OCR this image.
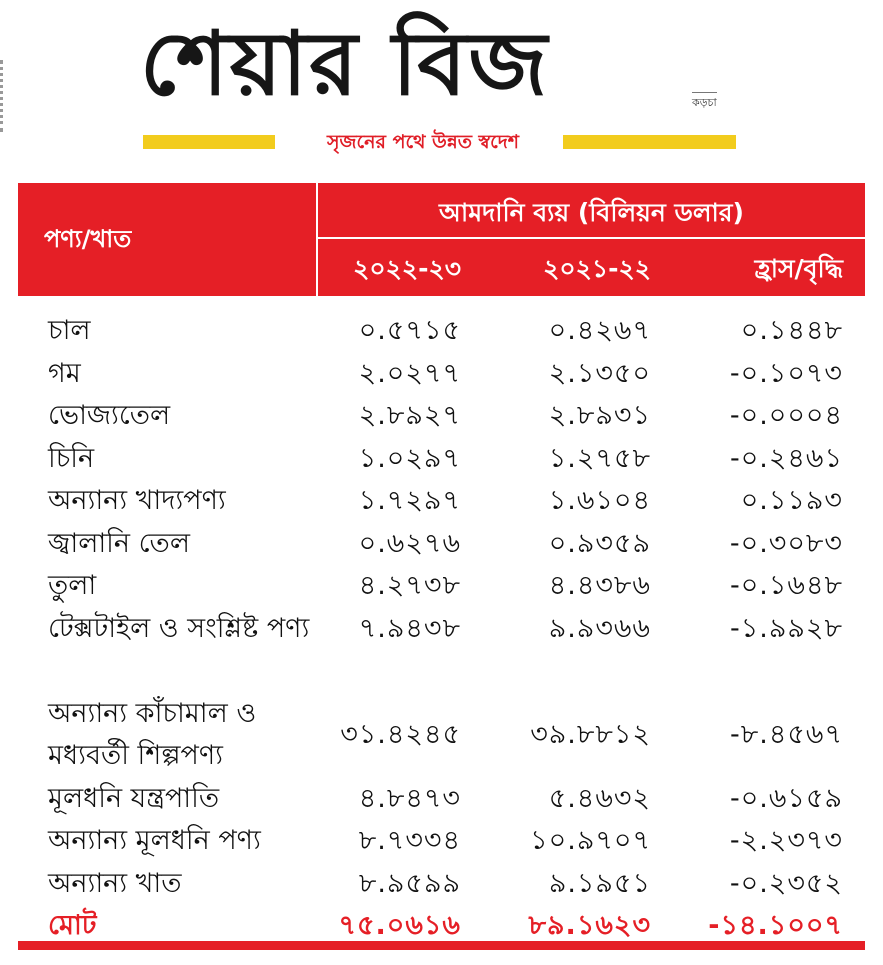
শেয়ার বিজ	কড়চা
সৃজনের পথে উন্নত স্বদেশ
পণ্য/খাত
আমদানি ব্যয় (বিলিয়ন ডলার)
২০২২-২৩	২০২১-২২	হ্রাস/বৃদ্ধি
চাল	০.৫৭১৫	০.৪২৬৭	০.১৪৪৮
গম	২.০২৭৭	২.১৩৫০	-০.১০৭৩
ভোজ্যতেল	২.৮৯২৭	২.৮৯৩১	-০.০০০৪
চিনি	১.০২৯৭	১.২৭৫৮	-০.২৪৬১
অন্যান্য খাদ্যপণ্য	১.৭২৯৭	১.৬১০৪	০.১১৯৩
জ্বালানি তেল	০.৬২৭৬	০.৯৩৫৯	-০.৩০৮৩
তুলা	৪.২৭৩৮	৪.৪৩৮৬	-০.১৬৪৮
টেক্সটাইল ও সংশ্লিষ্ট পণ্য	৭.৯৪৩৮	৯.৯৩৬৬	-১.৯৯২৮
অন্যান্য কাঁচামাল ও মধ্যবর্তী শিল্পপণ্য
৩১.৪২৪৫	৩৯.৮৮১২	-৮.৪৫৬৭
মূলধনি যন্ত্রপাতি	৪.৮৪৭৩	৫.৪৬৩২	-০.৬১৫৯
অন্যান্য মূলধনি পণ্য	৮.৭৩৩৪	১০.৯৭০৭	-২.২৩৭৩
অন্যান্য খাত	৮.৯৫৯৯	৯.১৯৫১	-০.২৩৫২
মোট	৭৫.০৬১৬	৮৯.১৬২৩ -১৪.১০০৭
